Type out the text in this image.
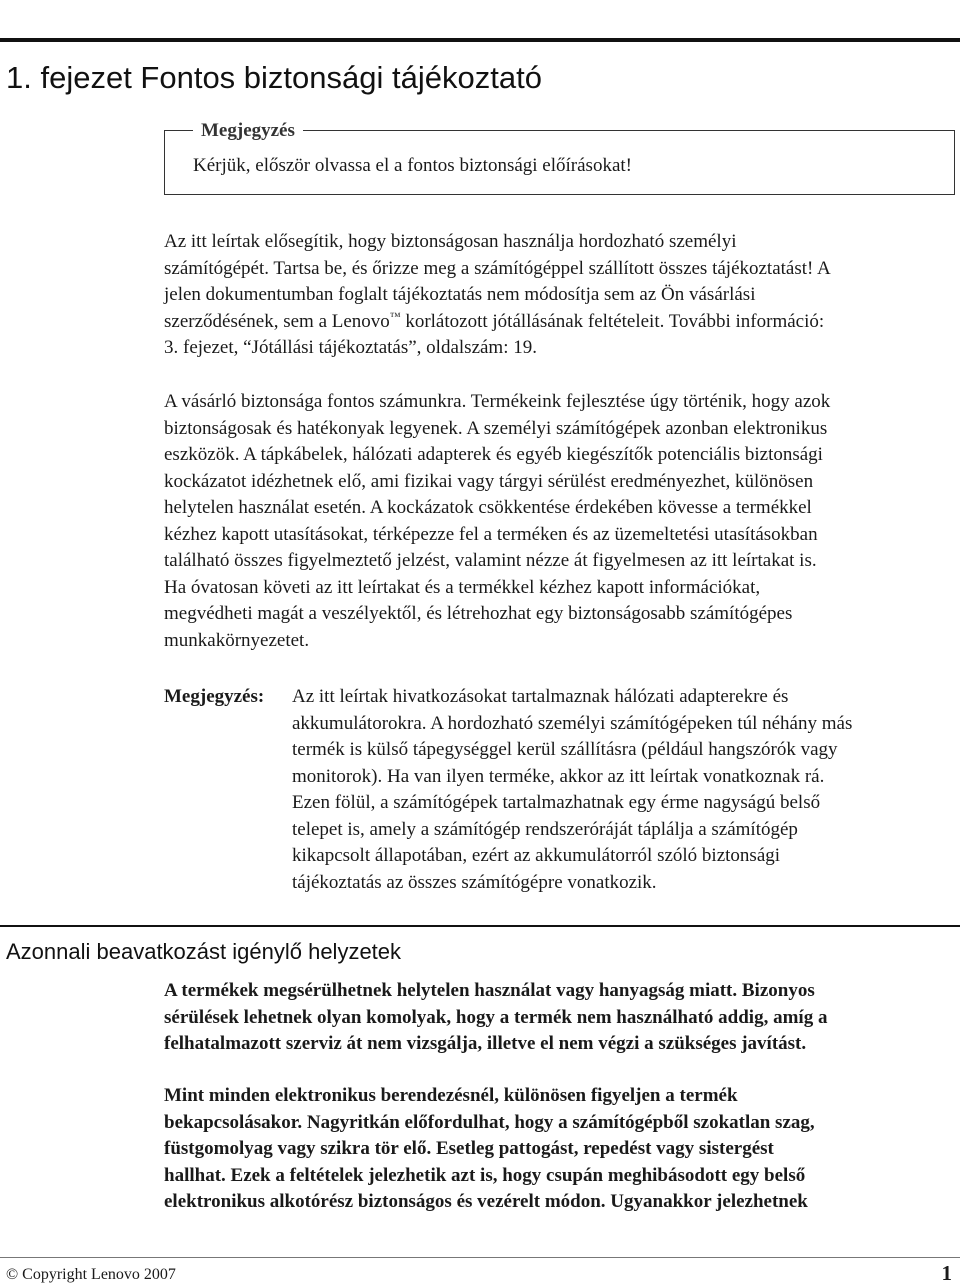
1. fejezet Fontos biztonsági tájékoztató
Megjegyzés
Kérjük, először olvassa el a fontos biztonsági előírásokat!

Az itt leírtak elősegítik, hogy biztonságosan használja hordozható személyi
számítógépét. Tartsa be, és őrizze meg a számítógéppel szállított összes tájékoztatást! A
jelen dokumentumban foglalt tájékoztatás nem módosítja sem az Ön vásárlási
szerződésének, sem a Lenovo™ korlátozott jótállásának feltételeit. További információ:
3. fejezet, “Jótállási tájékoztatás”, oldalszám: 19.

A vásárló biztonsága fontos számunkra. Termékeink fejlesztése úgy történik, hogy azok
biztonságosak és hatékonyak legyenek. A személyi számítógépek azonban elektronikus
eszközök. A tápkábelek, hálózati adapterek és egyéb kiegészítők potenciális biztonsági
kockázatot idézhetnek elő, ami fizikai vagy tárgyi sérülést eredményezhet, különösen
helytelen használat esetén. A kockázatok csökkentése érdekében kövesse a termékkel
kézhez kapott utasításokat, térképezze fel a terméken és az üzemeltetési utasításokban
található összes figyelmeztető jelzést, valamint nézze át figyelmesen az itt leírtakat is.
Ha óvatosan követi az itt leírtakat és a termékkel kézhez kapott információkat,
megvédheti magát a veszélyektől, és létrehozhat egy biztonságosabb számítógépes
munkakörnyezetet.

Megjegyzés: Az itt leírtak hivatkozásokat tartalmaznak hálózati adapterekre és
akkumulátorokra. A hordozható személyi számítógépeken túl néhány más
termék is külső tápegységgel kerül szállításra (például hangszórók vagy
monitorok). Ha van ilyen terméke, akkor az itt leírtak vonatkoznak rá.
Ezen fölül, a számítógépek tartalmazhatnak egy érme nagyságú belső
telepet is, amely a számítógép rendszeróráját táplálja a számítógép
kikapcsolt állapotában, ezért az akkumulátorról szóló biztonsági
tájékoztatás az összes számítógépre vonatkozik.

Azonnali beavatkozást igénylő helyzetek

A termékek megsérülhetnek helytelen használat vagy hanyagság miatt. Bizonyos
sérülések lehetnek olyan komolyak, hogy a termék nem használható addig, amíg a
felhatalmazott szerviz át nem vizsgálja, illetve el nem végzi a szükséges javítást.

Mint minden elektronikus berendezésnél, különösen figyeljen a termék
bekapcsolásakor. Nagyritkán előfordulhat, hogy a számítógépből szokatlan szag,
füstgomolyag vagy szikra tör elő. Esetleg pattogást, repedést vagy sistergést
hallhat. Ezek a feltételek jelezhetik azt is, hogy csupán meghibásodott egy belső
elektronikus alkotórész biztonságos és vezérelt módon. Ugyanakkor jelezhetnek

© Copyright Lenovo 2007	1
